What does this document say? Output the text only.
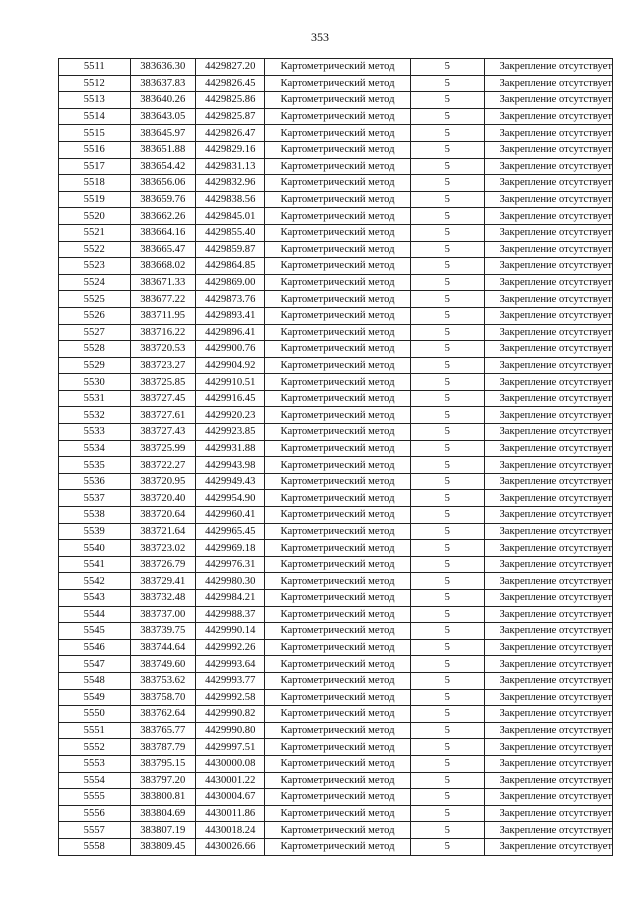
353
5511	383636.30	4429827.20	Картометрический метод	5	Закрепление отсутствует
5512	383637.83	4429826.45	Картометрический метод	5	Закрепление отсутствует
5513	383640.26	4429825.86	Картометрический метод	5	Закрепление отсутствует
5514	383643.05	4429825.87	Картометрический метод	5	Закрепление отсутствует
5515	383645.97	4429826.47	Картометрический метод	5	Закрепление отсутствует
5516	383651.88	4429829.16	Картометрический метод	5	Закрепление отсутствует
5517	383654.42	4429831.13	Картометрический метод	5	Закрепление отсутствует
5518	383656.06	4429832.96	Картометрический метод	5	Закрепление отсутствует
5519	383659.76	4429838.56	Картометрический метод	5	Закрепление отсутствует
5520	383662.26	4429845.01	Картометрический метод	5	Закрепление отсутствует
5521	383664.16	4429855.40	Картометрический метод	5	Закрепление отсутствует
5522	383665.47	4429859.87	Картометрический метод	5	Закрепление отсутствует
5523	383668.02	4429864.85	Картометрический метод	5	Закрепление отсутствует
5524	383671.33	4429869.00	Картометрический метод	5	Закрепление отсутствует
5525	383677.22	4429873.76	Картометрический метод	5	Закрепление отсутствует
5526	383711.95	4429893.41	Картометрический метод	5	Закрепление отсутствует
5527	383716.22	4429896.41	Картометрический метод	5	Закрепление отсутствует
5528	383720.53	4429900.76	Картометрический метод	5	Закрепление отсутствует
5529	383723.27	4429904.92	Картометрический метод	5	Закрепление отсутствует
5530	383725.85	4429910.51	Картометрический метод	5	Закрепление отсутствует
5531	383727.45	4429916.45	Картометрический метод	5	Закрепление отсутствует
5532	383727.61	4429920.23	Картометрический метод	5	Закрепление отсутствует
5533	383727.43	4429923.85	Картометрический метод	5	Закрепление отсутствует
5534	383725.99	4429931.88	Картометрический метод	5	Закрепление отсутствует
5535	383722.27	4429943.98	Картометрический метод	5	Закрепление отсутствует
5536	383720.95	4429949.43	Картометрический метод	5	Закрепление отсутствует
5537	383720.40	4429954.90	Картометрический метод	5	Закрепление отсутствует
5538	383720.64	4429960.41	Картометрический метод	5	Закрепление отсутствует
5539	383721.64	4429965.45	Картометрический метод	5	Закрепление отсутствует
5540	383723.02	4429969.18	Картометрический метод	5	Закрепление отсутствует
5541	383726.79	4429976.31	Картометрический метод	5	Закрепление отсутствует
5542	383729.41	4429980.30	Картометрический метод	5	Закрепление отсутствует
5543	383732.48	4429984.21	Картометрический метод	5	Закрепление отсутствует
5544	383737.00	4429988.37	Картометрический метод	5	Закрепление отсутствует
5545	383739.75	4429990.14	Картометрический метод	5	Закрепление отсутствует
5546	383744.64	4429992.26	Картометрический метод	5	Закрепление отсутствует
5547	383749.60	4429993.64	Картометрический метод	5	Закрепление отсутствует
5548	383753.62	4429993.77	Картометрический метод	5	Закрепление отсутствует
5549	383758.70	4429992.58	Картометрический метод	5	Закрепление отсутствует
5550	383762.64	4429990.82	Картометрический метод	5	Закрепление отсутствует
5551	383765.77	4429990.80	Картометрический метод	5	Закрепление отсутствует
5552	383787.79	4429997.51	Картометрический метод	5	Закрепление отсутствует
5553	383795.15	4430000.08	Картометрический метод	5	Закрепление отсутствует
5554	383797.20	4430001.22	Картометрический метод	5	Закрепление отсутствует
5555	383800.81	4430004.67	Картометрический метод	5	Закрепление отсутствует
5556	383804.69	4430011.86	Картометрический метод	5	Закрепление отсутствует
5557	383807.19	4430018.24	Картометрический метод	5	Закрепление отсутствует
5558	383809.45	4430026.66	Картометрический метод	5	Закрепление отсутствует
